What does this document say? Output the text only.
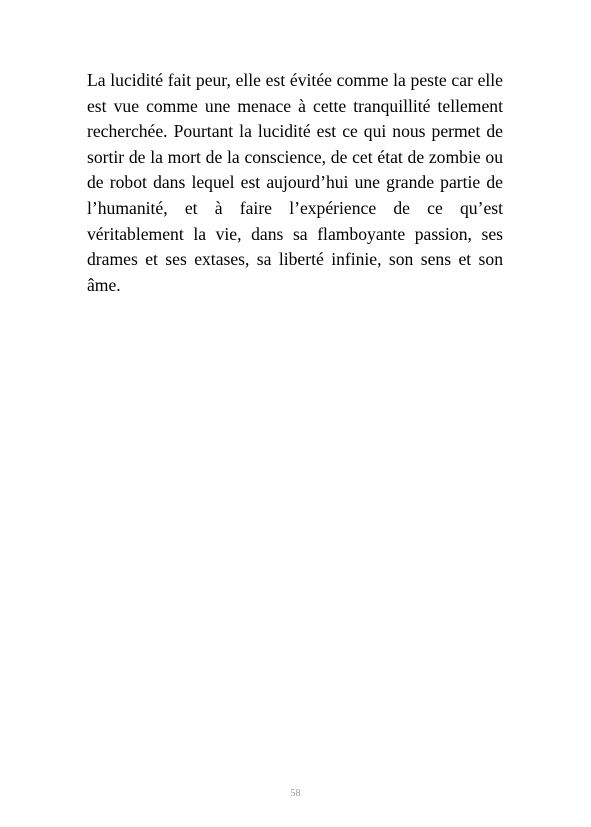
La lucidité fait peur, elle est évitée comme la peste car elle est vue comme une menace à cette tranquillité tellement recherchée. Pourtant la lucidité est ce qui nous permet de sortir de la mort de la conscience, de cet état de zombie ou de robot dans lequel est aujourd’hui une grande partie de l’humanité, et à faire l’expérience de ce qu’est véritablement la vie, dans sa flamboyante passion, ses drames et ses extases, sa liberté infinie, son sens et son âme.

58
